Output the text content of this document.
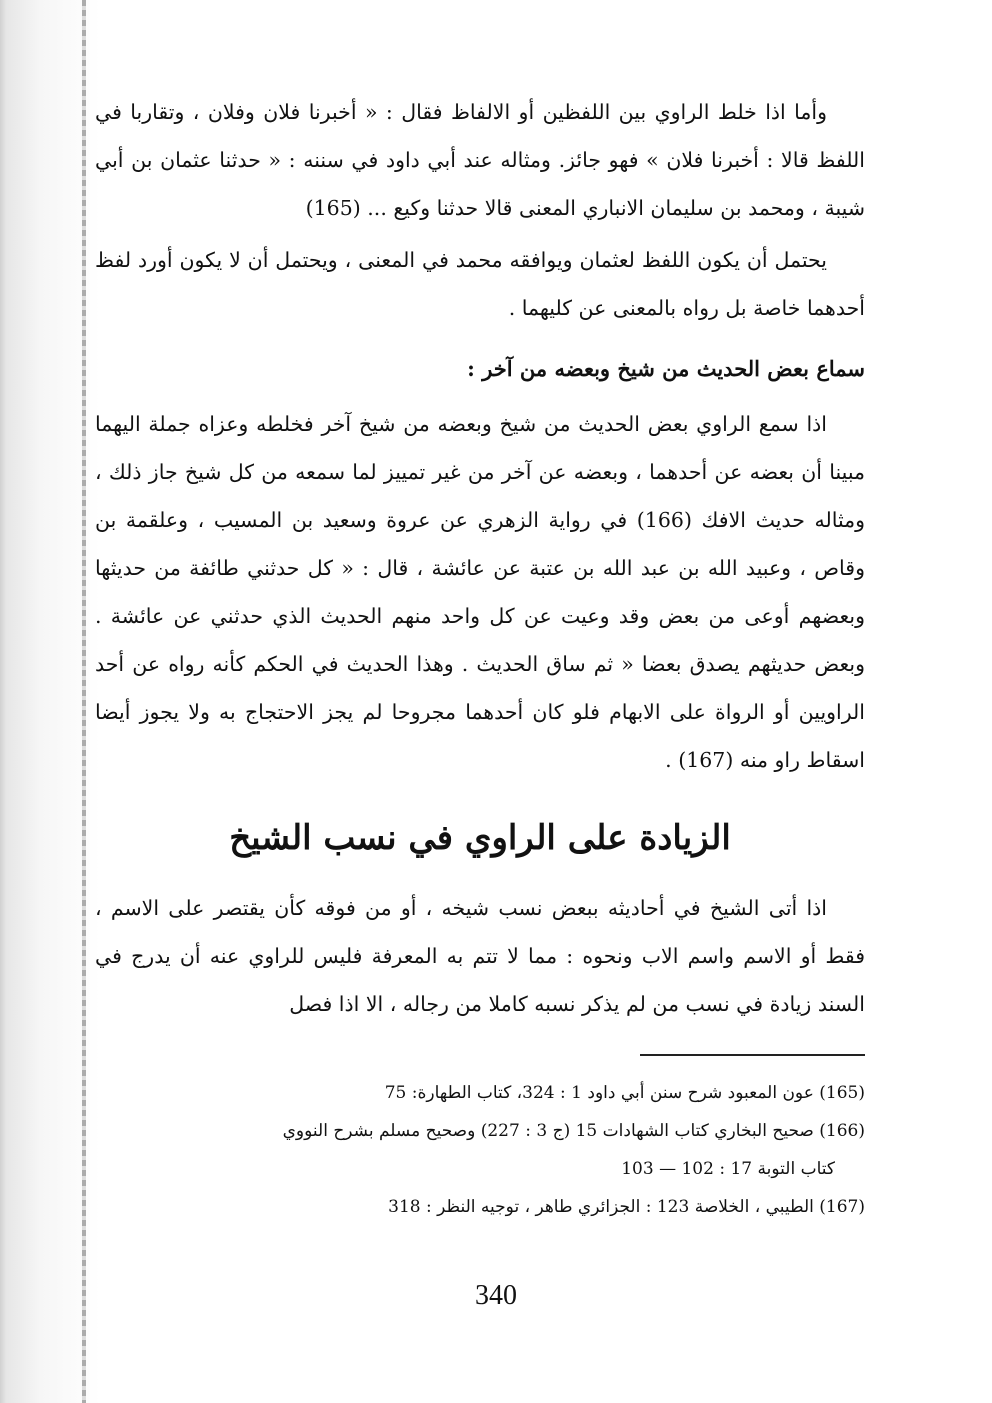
وأما اذا خلط الراوي بين اللفظين أو الالفاظ فقال : « أخبرنا فلان وفلان ، وتقاربا في اللفظ قالا : أخبرنا فلان » فهو جائز. ومثاله عند أبي داود في سننه : « حدثنا عثمان بن أبي شيبة ، ومحمد بن سليمان الانباري المعنى قالا حدثنا وكيع ... (165)

يحتمل أن يكون اللفظ لعثمان ويوافقه محمد في المعنى ، ويحتمل أن لا يكون أورد لفظ أحدهما خاصة بل رواه بالمعنى عن كليهما .

سماع بعض الحديث من شيخ وبعضه من آخر :

اذا سمع الراوي بعض الحديث من شيخ وبعضه من شيخ آخر فخلطه وعزاه جملة اليهما مبينا أن بعضه عن أحدهما ، وبعضه عن آخر من غير تمييز لما سمعه من كل شيخ جاز ذلك ، ومثاله حديث الافك (166) في رواية الزهري عن عروة وسعيد بن المسيب ، وعلقمة بن وقاص ، وعبيد الله بن عبد الله بن عتبة عن عائشة ، قال : « كل حدثني طائفة من حديثها وبعضهم أوعى من بعض وقد وعيت عن كل واحد منهم الحديث الذي حدثني عن عائشة . وبعض حديثهم يصدق بعضا « ثم ساق الحديث . وهذا الحديث في الحكم كأنه رواه عن أحد الراويين أو الرواة على الابهام فلو كان أحدهما مجروحا لم يجز الاحتجاج به ولا يجوز أيضا اسقاط راو منه (167) .

الزيادة على الراوي في نسب الشيخ

اذا أتى الشيخ في أحاديثه ببعض نسب شيخه ، أو من فوقه كأن يقتصر على الاسم ، فقط أو الاسم واسم الاب ونحوه : مما لا تتم به المعرفة فليس للراوي عنه أن يدرج في السند زيادة في نسب من لم يذكر نسبه كاملا من رجاله ، الا اذا فصل

(165) عون المعبود شرح سنن أبي داود 1 : 324، كتاب الطهارة: 75

(166) صحيح البخاري كتاب الشهادات 15 (ج 3 : 227) وصحيح مسلم بشرح النووي

كتاب التوبة 17 : 102 — 103

(167) الطيبي ، الخلاصة 123 : الجزائري طاهر ، توجيه النظر : 318

340
